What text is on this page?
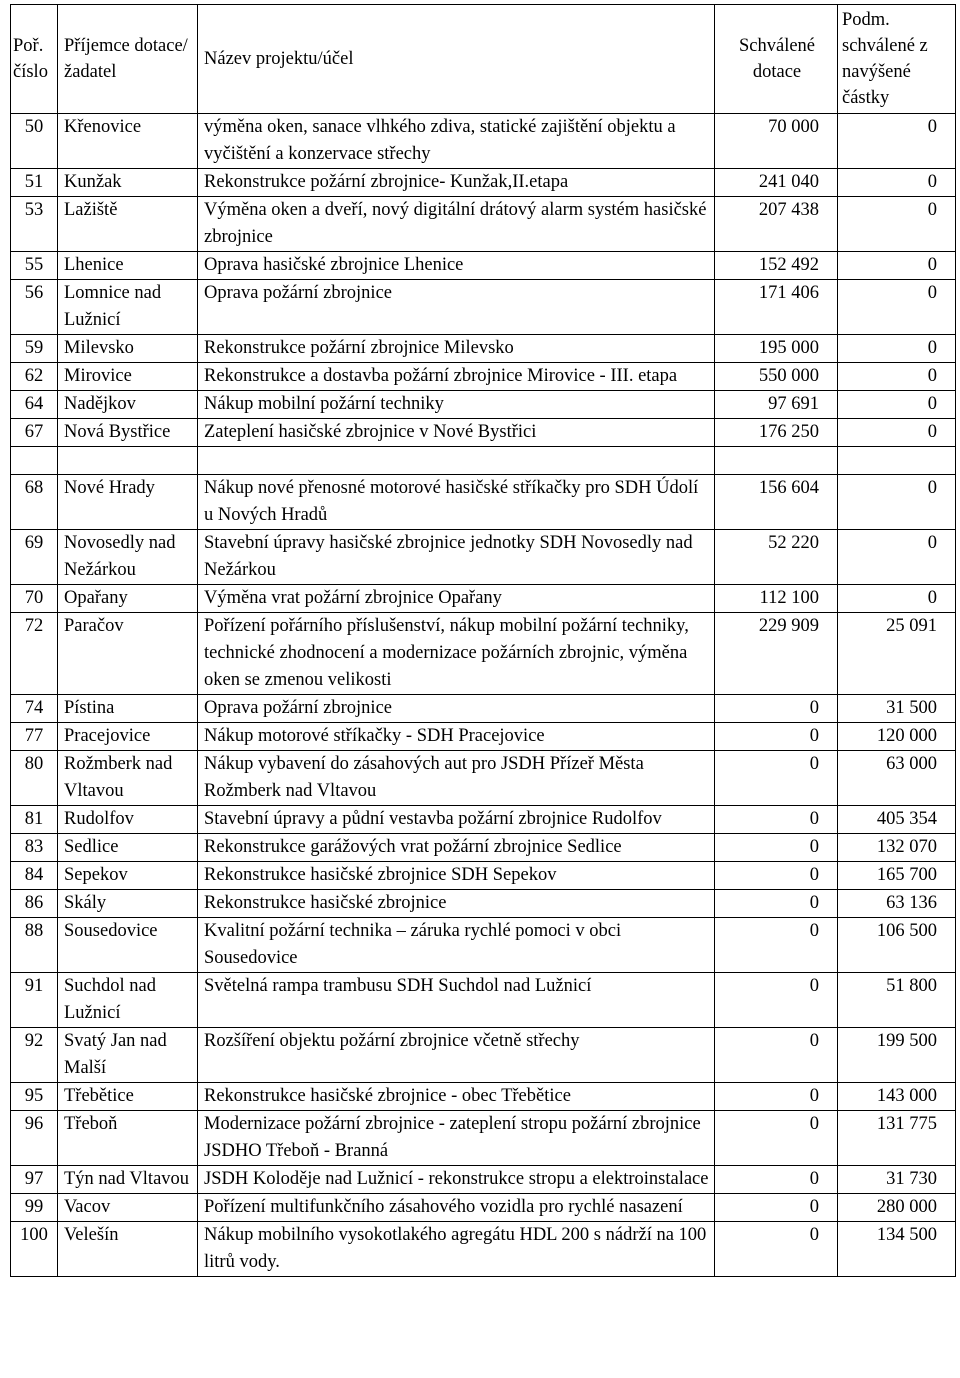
Poř. číslo	Příjemce dotace/ žadatel	Název projektu/účel	Schválené dotace	Podm. schválené z navýšené částky
50	Křenovice	výměna oken, sanace vlhkého zdiva, statické zajištění objektu a vyčištění a konzervace střechy	70 000	0
51	Kunžak	Rekonstrukce požární zbrojnice- Kunžak,II.etapa	241 040	0
53	Lažiště	Výměna oken a dveří, nový digitální drátový alarm systém hasičské zbrojnice	207 438	0
55	Lhenice	Oprava hasičské zbrojnice Lhenice	152 492	0
56	Lomnice nad Lužnicí	Oprava požární zbrojnice	171 406	0
59	Milevsko	Rekonstrukce požární zbrojnice Milevsko	195 000	0
62	Mirovice	Rekonstrukce a dostavba požární zbrojnice Mirovice - III. etapa	550 000	0
64	Nadějkov	Nákup mobilní požární techniky	97 691	0
67	Nová Bystřice	Zateplení hasičské zbrojnice v Nové Bystřici	176 250	0

68	Nové Hrady	Nákup nové přenosné motorové hasičské stříkačky pro SDH Údolí u Nových Hradů	156 604	0
69	Novosedly nad Nežárkou	Stavební úpravy hasičské zbrojnice jednotky SDH Novosedly nad Nežárkou	52 220	0
70	Opařany	Výměna vrat požární zbrojnice Opařany	112 100	0
72	Paračov	Pořízení pořárního příslušenství, nákup mobilní požární techniky, technické zhodnocení a modernizace požárních zbrojnic, výměna oken se zmenou velikosti	229 909	25 091
74	Pístina	Oprava požární zbrojnice	0	31 500
77	Pracejovice	Nákup motorové stříkačky - SDH Pracejovice	0	120 000
80	Rožmberk nad Vltavou	Nákup vybavení do zásahových aut pro JSDH Přízeř Města Rožmberk nad Vltavou	0	63 000
81	Rudolfov	Stavební úpravy a půdní vestavba požární zbrojnice Rudolfov	0	405 354
83	Sedlice	Rekonstrukce garážových vrat požární zbrojnice Sedlice	0	132 070
84	Sepekov	Rekonstrukce hasičské zbrojnice SDH Sepekov	0	165 700
86	Skály	Rekonstrukce hasičské zbrojnice	0	63 136
88	Sousedovice	Kvalitní požární technika – záruka rychlé pomoci v obci Sousedovice	0	106 500
91	Suchdol nad Lužnicí	Světelná rampa trambusu SDH Suchdol nad Lužnicí	0	51 800
92	Svatý Jan nad Malší	Rozšíření objektu požární zbrojnice včetně střechy	0	199 500
95	Třebětice	Rekonstrukce hasičské zbrojnice - obec Třebětice	0	143 000
96	Třeboň	Modernizace požární zbrojnice - zateplení stropu požární zbrojnice JSDHO Třeboň - Branná	0	131 775
97	Týn nad Vltavou	JSDH Koloděje nad Lužnicí - rekonstrukce stropu a elektroinstalace	0	31 730
99	Vacov	Pořízení multifunkčního zásahového vozidla pro rychlé nasazení	0	280 000
100	Velešín	Nákup mobilního vysokotlakého agregátu HDL 200 s nádrží na 100 litrů vody.	0	134 500
